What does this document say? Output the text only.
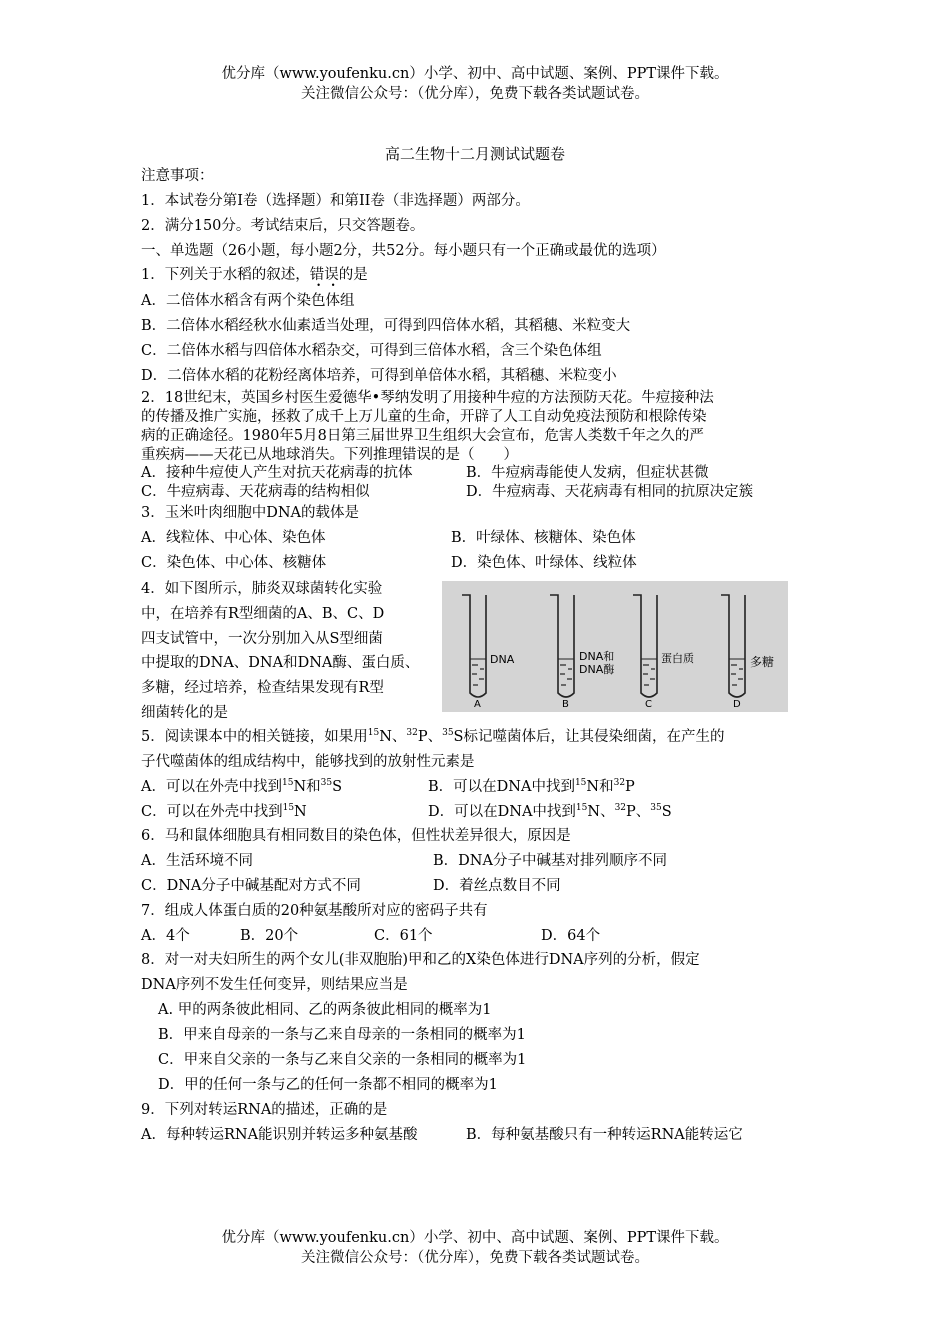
优分库（www.youfenku.cn）小学、初中、高中试题、案例、PPT课件下载。
关注微信公众号：（优分库），免费下载各类试题试卷。
高二生物十二月测试试题卷
注意事项：
1．本试卷分第Ⅰ卷（选择题）和第II卷（非选择题）两部分。
2．满分150分。考试结束后，只交答题卷。
一、单选题（26小题，每小题2分，共52分。每小题只有一个正确或最优的选项）
1．下列关于水稻的叙述，错误的是
A．二倍体水稻含有两个染色体组
B．二倍体水稻经秋水仙素适当处理，可得到四倍体水稻，其稻穗、米粒变大
C．二倍体水稻与四倍体水稻杂交，可得到三倍体水稻，含三个染色体组
D．二倍体水稻的花粉经离体培养，可得到单倍体水稻，其稻穗、米粒变小
2．18世纪末，英国乡村医生爱德华•琴纳发明了用接种牛痘的方法预防天花。牛痘接种法
的传播及推广实施，拯救了成千上万儿童的生命，开辟了人工自动免疫法预防和根除传染
病的正确途径。1980年5月8日第三届世界卫生组织大会宣布，危害人类数千年之久的严
重疾病——天花已从地球消失。下列推理错误的是（　　）
A．接种牛痘使人产生对抗天花病毒的抗体	B．牛痘病毒能使人发病，但症状甚微
C．牛痘病毒、天花病毒的结构相似	D．牛痘病毒、天花病毒有相同的抗原决定簇
3．玉米叶肉细胞中DNA的载体是
A．线粒体、中心体、染色体	B．叶绿体、核糖体、染色体
C．染色体、中心体、核糖体	D．染色体、叶绿体、线粒体
4．如下图所示，肺炎双球菌转化实验
中，在培养有R型细菌的A、B、C、D
四支试管中，一次分别加入从S型细菌
中提取的DNA、DNA和DNA酶、蛋白质、
多糖，经过培养，检查结果发现有R型
细菌转化的是
DNA
A
DNA和
DNA酶
B
蛋白质
C
多糖
D
5．阅读课本中的相关链接，如果用$^{15}$N、$^{32}$P、$^{35}$S标记噬菌体后，让其侵染细菌，在产生的
子代噬菌体的组成结构中，能够找到的放射性元素是
A．可以在外壳中找到$^{15}$N和$^{35}$S	B．可以在DNA中找到$^{15}$N和$^{32}$P
C．可以在外壳中找到$^{15}$N	D．可以在DNA中找到$^{15}$N、$^{32}$P、$^{35}$S
6．马和鼠体细胞具有相同数目的染色体，但性状差异很大，原因是
A．生活环境不同	B．DNA分子中碱基对排列顺序不同
C．DNA分子中碱基配对方式不同	D．着丝点数目不同
7．组成人体蛋白质的20种氨基酸所对应的密码子共有
A．4个	B．20个	C．61个	D．64个
8．对一对夫妇所生的两个女儿(非双胞胎)甲和乙的X染色体进行DNA序列的分析，假定
DNA序列不发生任何变异，则结果应当是
A. 甲的两条彼此相同、乙的两条彼此相同的概率为1
B．甲来自母亲的一条与乙来自母亲的一条相同的概率为1
C．甲来自父亲的一条与乙来自父亲的一条相同的概率为1
D．甲的任何一条与乙的任何一条都不相同的概率为1
9．下列对转运RNA的描述，正确的是
A．每种转运RNA能识别并转运多种氨基酸	B．每种氨基酸只有一种转运RNA能转运它
优分库（www.youfenku.cn）小学、初中、高中试题、案例、PPT课件下载。
关注微信公众号：（优分库），免费下载各类试题试卷。
